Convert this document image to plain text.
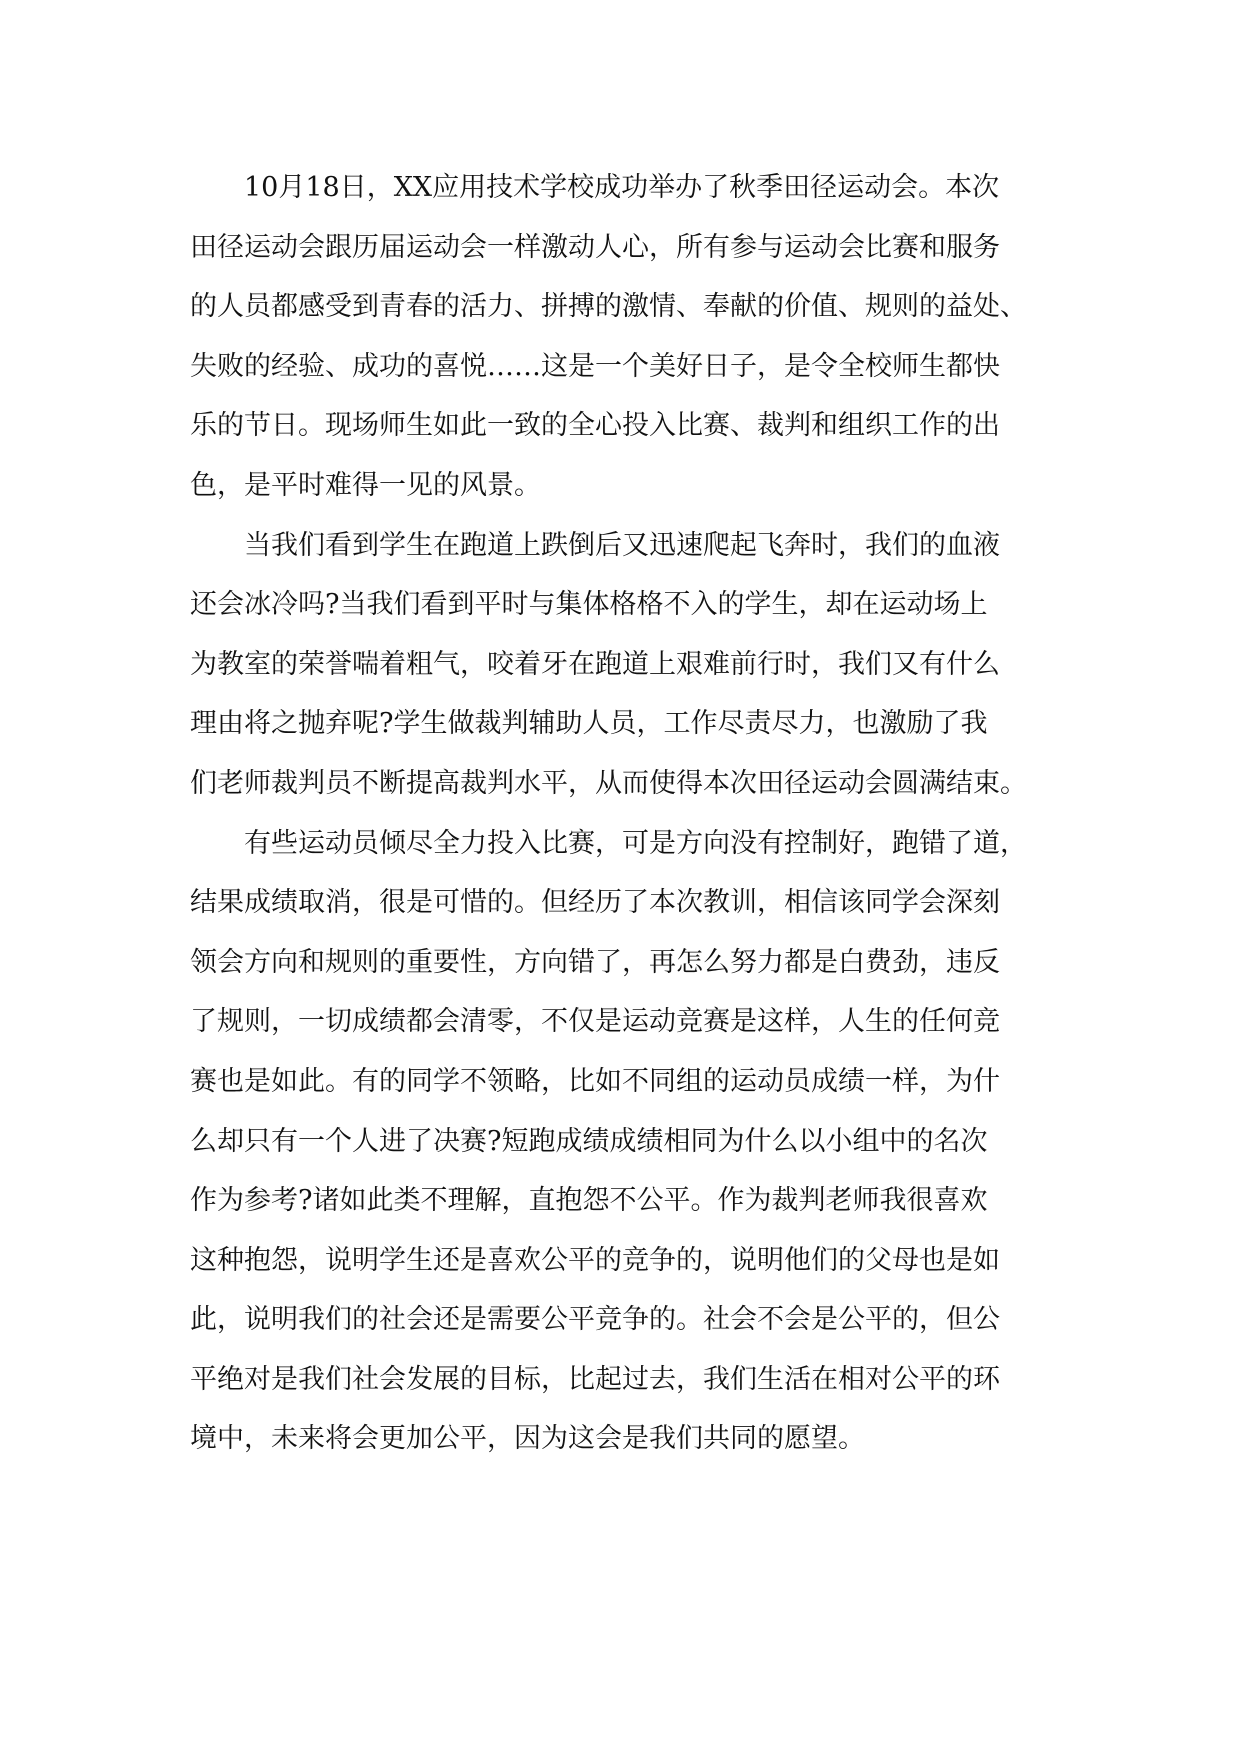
10月18日，XX应用技术学校成功举办了秋季田径运动会。本次
田径运动会跟历届运动会一样激动人心，所有参与运动会比赛和服务
的人员都感受到青春的活力、拼搏的激情、奉献的价值、规则的益处、
失败的经验、成功的喜悦……这是一个美好日子，是令全校师生都快
乐的节日。现场师生如此一致的全心投入比赛、裁判和组织工作的出
色，是平时难得一见的风景。
当我们看到学生在跑道上跌倒后又迅速爬起飞奔时，我们的血液
还会冰冷吗?当我们看到平时与集体格格不入的学生，却在运动场上
为教室的荣誉喘着粗气，咬着牙在跑道上艰难前行时，我们又有什么
理由将之抛弃呢?学生做裁判辅助人员，工作尽责尽力，也激励了我
们老师裁判员不断提高裁判水平，从而使得本次田径运动会圆满结束。
有些运动员倾尽全力投入比赛，可是方向没有控制好，跑错了道，
结果成绩取消，很是可惜的。但经历了本次教训，相信该同学会深刻
领会方向和规则的重要性，方向错了，再怎么努力都是白费劲，违反
了规则，一切成绩都会清零，不仅是运动竞赛是这样，人生的任何竞
赛也是如此。有的同学不领略，比如不同组的运动员成绩一样，为什
么却只有一个人进了决赛?短跑成绩成绩相同为什么以小组中的名次
作为参考?诸如此类不理解，直抱怨不公平。作为裁判老师我很喜欢
这种抱怨，说明学生还是喜欢公平的竞争的，说明他们的父母也是如
此，说明我们的社会还是需要公平竞争的。社会不会是公平的，但公
平绝对是我们社会发展的目标，比起过去，我们生活在相对公平的环
境中，未来将会更加公平，因为这会是我们共同的愿望。
